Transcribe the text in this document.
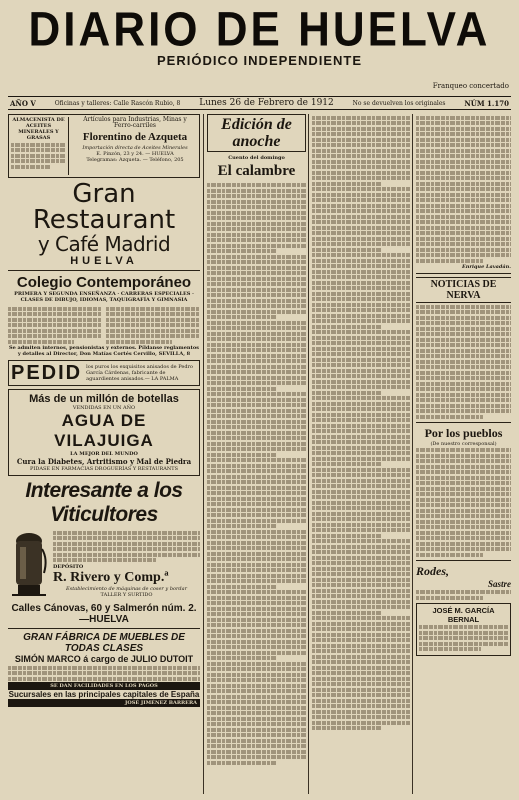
DIARIO DE HUELVA
PERIÓDICO INDEPENDIENTE
Franqueo concertado
AÑO V	Oficinas y talleres: Calle Rascón Rubio, 8 Lunes 26 de Febrero de 1912	No se devuelven los originales	NÚM 1.170
ALMACENISTA DE ACEITES MINERALES Y GRASAS
Artículos para Industrias, Minas y Ferro-carriles
Florentino de Azqueta
Importación directa de Aceites Minerales
E. Pinzón, 23 y 24. — HUELVA
Telegramas: Azqueta. — Teléfono, 205
Gran Restaurant
y Café Madrid
HUELVA
Colegio Contemporáneo
PRIMERA Y SEGUNDA ENSEÑANZA · CARRERAS ESPECIALES · CLASES DE DIBUJO, IDIOMAS, TAQUIGRAFÍA Y GIMNASIA
Se admiten internos, pensionistas y externos. Píldanse reglamentos y detalles al Director, Don Matías Cortés Cervillo, SEVILLA, 8
PEDID los puros los exquisitos anisados de Pedro García Cárdenas, fabricante de aguardientes anisados.— LA PALMA
Más de un millón de botellas
VENDIDAS EN UN AÑO
AGUA DE VILAJUIGA
LA MEJOR DEL MUNDO
Cura la Diabetes, Artritismo y Mal de Piedra
PIDASE EN FARMACIAS DROGUERÍAS Y RESTAURANTS
Interesante a los Viticultores
DEPÓSITO
R. Rivero y Comp.ª
Establecimiento de máquinas de coser y bordar
TALLER Y SURTIDO
Calles Cánovas, 60 y Salmerón núm. 2.—HUELVA
GRAN FÁBRICA DE MUEBLES DE TODAS CLASES
SIMÓN MARCO á cargo de JULIO DUTOIT
SE DAN FACILIDADES EN LOS PAGOS
Sucursales en las principales capitales de España
JOSÉ JIMÉNEZ BARRERA
Edición de anoche
Cuento del domingo
El calambre
Enrique Lavadán.
NOTICIAS DE NERVA
Por los pueblos
(De nuestro corresponsal)
Rodes,
Sastre
JOSÉ M. GARCÍA BERNAL
